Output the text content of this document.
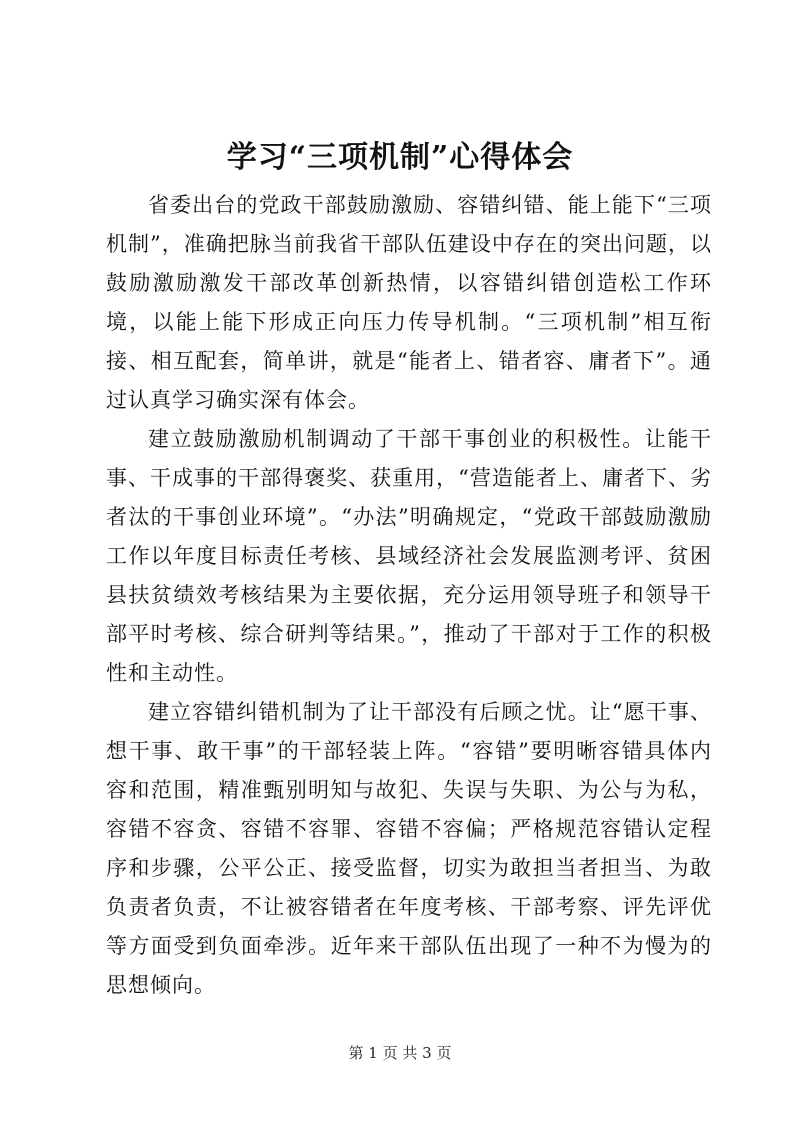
学习“三项机制”心得体会

省委出台的党政干部鼓励激励、容错纠错、能上能下“三项机制”，准确把脉当前我省干部队伍建设中存在的突出问题，以鼓励激励激发干部改革创新热情，以容错纠错创造松工作环境，以能上能下形成正向压力传导机制。“三项机制”相互衔接、相互配套，简单讲，就是“能者上、错者容、庸者下”。通过认真学习确实深有体会。

建立鼓励激励机制调动了干部干事创业的积极性。让能干事、干成事的干部得褒奖、获重用，“营造能者上、庸者下、劣者汰的干事创业环境”。“办法”明确规定，“党政干部鼓励激励工作以年度目标责任考核、县域经济社会发展监测考评、贫困县扶贫绩效考核结果为主要依据，充分运用领导班子和领导干部平时考核、综合研判等结果。”，推动了干部对于工作的积极性和主动性。

建立容错纠错机制为了让干部没有后顾之忧。让“愿干事、想干事、敢干事”的干部轻装上阵。“容错”要明晰容错具体内容和范围，精准甄别明知与故犯、失误与失职、为公与为私，容错不容贪、容错不容罪、容错不容偏；严格规范容错认定程序和步骤，公平公正、接受监督，切实为敢担当者担当、为敢负责者负责，不让被容错者在年度考核、干部考察、评先评优等方面受到负面牵涉。近年来干部队伍出现了一种不为慢为的思想倾向。

第 1 页 共 3 页
